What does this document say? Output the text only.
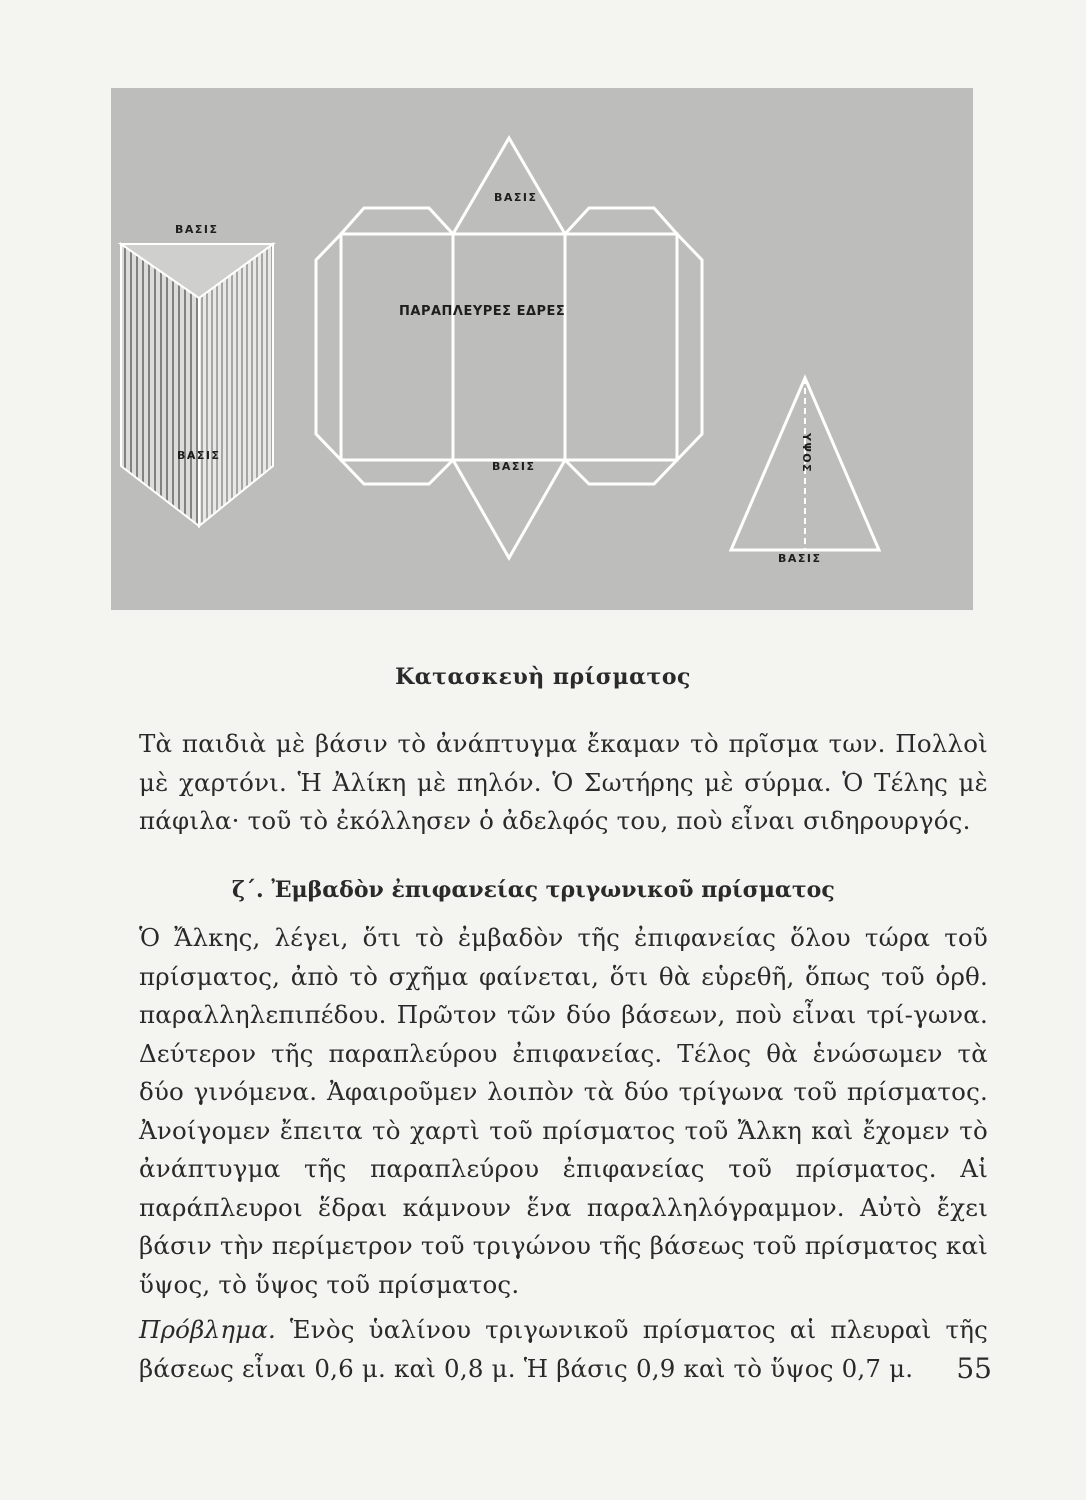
ΒΑΣΙΣ
ΒΑΣΙΣ
ΒΑΣΙΣ
ΠΑΡΑΠΛΕΥΡΕΣ ΕΔΡΕΣ
ΒΑΣΙΣ	ΥΨΟΣ
ΒΑΣΙΣ
Κατασκευὴ πρίσματος

Τὰ παιδιὰ μὲ βάσιν τὸ ἀνάπτυγμα ἔκαμαν τὸ πρῖσμα των. Πολλοὶ μὲ χαρτόνι. Ἡ Ἀλίκη μὲ πηλόν. Ὁ Σωτήρης μὲ σύρμα. Ὁ Τέλης μὲ πάφιλα· τοῦ τὸ ἐκόλλησεν ὁ ἀδελφός του, ποὺ εἶναι σιδηρουργός.

ζ΄. Ἐμβαδὸν ἐπιφανείας τριγωνικοῦ πρίσματος

Ὁ Ἄλκης, λέγει, ὅτι τὸ ἐμβαδὸν τῆς ἐπιφανείας ὅλου τώρα τοῦ πρίσματος, ἀπὸ τὸ σχῆμα φαίνεται, ὅτι θὰ εὑρεθῆ, ὅπως τοῦ ὀρθ. παραλληλεπιπέδου. Πρῶτον τῶν δύο βάσεων, ποὺ εἶναι τρί-γωνα. Δεύτερον τῆς παραπλεύρου ἐπιφανείας. Τέλος θὰ ἑνώσωμεν τὰ δύο γινόμενα. Ἀφαιροῦμεν λοιπὸν τὰ δύο τρίγωνα τοῦ πρίσματος. Ἀνοίγομεν ἔπειτα τὸ χαρτὶ τοῦ πρίσματος τοῦ Ἄλκη καὶ ἔχομεν τὸ ἀνάπτυγμα τῆς παραπλεύρου ἐπιφανείας τοῦ πρίσματος. Αἱ παράπλευροι ἕδραι κάμνουν ἕνα παραλληλόγραμμον. Αὐτὸ ἔχει βάσιν τὴν περίμετρον τοῦ τριγώνου τῆς βάσεως τοῦ πρίσματος καὶ ὕψος, τὸ ὕψος τοῦ πρίσματος.

Πρόβλημα. Ἑνὸς ὑαλίνου τριγωνικοῦ πρίσματος αἱ πλευραὶ τῆς βάσεως εἶναι 0,6 μ. καὶ 0,8 μ. Ἡ βάσις 0,9 καὶ τὸ ὕψος 0,7 μ.	55
